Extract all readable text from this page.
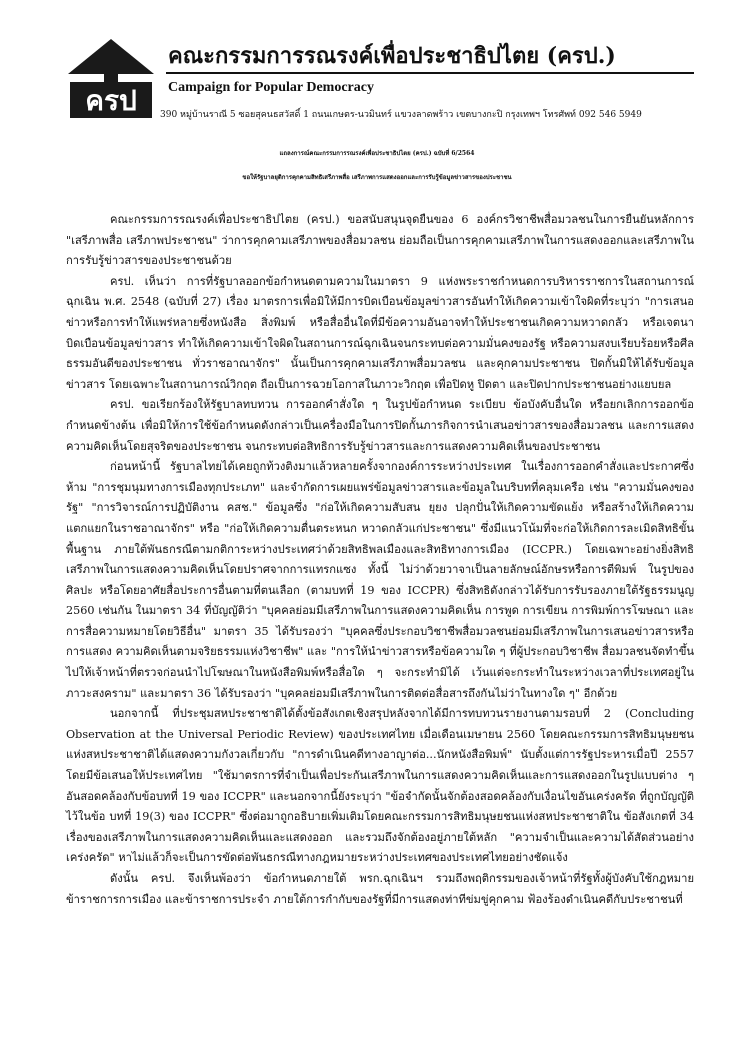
ครป
คณะกรรมการรณรงค์เพื่อประชาธิปไตย (ครป.)
Campaign for Popular Democracy
390 หมู่บ้านราณี 5 ซอยสุคนธสวัสดิ์ 1 ถนนเกษตร-นวมินทร์ แขวงลาดพร้าว เขตบางกะปิ กรุงเทพฯ โทรศัพท์ 092 546 5949
แถลงการณ์คณะกรรมการรณรงค์เพื่อประชาธิปไตย (ครป.) ฉบับที่ 6/2564
ขอให้รัฐบาลยุติการคุกคามสิทธิเสรีภาพสื่อ เสรีภาพการแสดงออกและการรับรู้ข้อมูลข่าวสารของประชาชน

คณะกรรมการรณรงค์เพื่อประชาธิปไตย (ครป.) ขอสนับสนุนจุดยืนของ 6 องค์กรวิชาชีพสื่อมวลชนในการยืนยันหลักการ "เสรีภาพสื่อ เสรีภาพประชาชน" ว่าการคุกคามเสรีภาพของสื่อมวลชน ย่อมถือเป็นการคุกคามเสรีภาพในการแสดงออกและเสรีภาพในการรับรู้ข่าวสารของประชาชนด้วย

ครป. เห็นว่า การที่รัฐบาลออกข้อกำหนดตามความในมาตรา 9 แห่งพระราชกำหนดการบริหารราชการในสถานการณ์ฉุกเฉิน พ.ศ. 2548 (ฉบับที่ 27) เรื่อง มาตรการเพื่อมิให้มีการบิดเบือนข้อมูลข่าวสารอันทำให้เกิดความเข้าใจผิดที่ระบุว่า "การเสนอข่าวหรือการทำให้แพร่หลายซึ่งหนังสือ สิ่งพิมพ์ หรือสื่ออื่นใดที่มีข้อความอันอาจทำให้ประชาชนเกิดความหวาดกลัว หรือเจตนาบิดเบือนข้อมูลข่าวสาร ทำให้เกิดความเข้าใจผิดในสถานการณ์ฉุกเฉินจนกระทบต่อความมั่นคงของรัฐ หรือความสงบเรียบร้อยหรือศีลธรรมอันดีของประชาชน ทั่วราชอาณาจักร" นั้นเป็นการคุกคามเสรีภาพสื่อมวลชน และคุกคามประชาชน ปิดกั้นมิให้ได้รับข้อมูลข่าวสาร โดยเฉพาะในสถานการณ์วิกฤต ถือเป็นการฉวยโอกาสในภาวะวิกฤต เพื่อปิดหู ปิดตา และปิดปากประชาชนอย่างแยบยล

ครป. ขอเรียกร้องให้รัฐบาลทบทวน การออกคำสั่งใด ๆ ในรูปข้อกำหนด ระเบียบ ข้อบังคับอื่นใด หรือยกเลิกการออกข้อกำหนดข้างต้น เพื่อมิให้การใช้ข้อกำหนดดังกล่าวเป็นเครื่องมือในการปิดกั้นภารกิจการนำเสนอข่าวสารของสื่อมวลชน และการแสดงความคิดเห็นโดยสุจริตของประชาชน จนกระทบต่อสิทธิการรับรู้ข่าวสารและการแสดงความคิดเห็นของประชาชน

ก่อนหน้านี้ รัฐบาลไทยได้เคยถูกท้วงติงมาแล้วหลายครั้งจากองค์การระหว่างประเทศ ในเรื่องการออกคำสั่งและประกาศซึ่งห้าม "การชุมนุมทางการเมืองทุกประเภท" และจำกัดการเผยแพร่ข้อมูลข่าวสารและข้อมูลในบริบทที่คลุมเครือ เช่น "ความมั่นคงของรัฐ" "การวิจารณ์การปฏิบัติงาน คสช." ข้อมูลซึ่ง "ก่อให้เกิดความสับสน ยุยง ปลุกปั่นให้เกิดความขัดแย้ง หรือสร้างให้เกิดความ แตกแยกในราชอาณาจักร" หรือ "ก่อให้เกิดความตื่นตระหนก หวาดกลัวแก่ประชาชน" ซึ่งมีแนวโน้มที่จะก่อให้เกิดการละเมิดสิทธิขั้นพื้นฐาน ภายใต้พันธกรณีตามกติการะหว่างประเทศว่าด้วยสิทธิพลเมืองและสิทธิทางการเมือง (ICCPR.) โดยเฉพาะอย่างยิ่งสิทธิเสรีภาพในการแสดงความคิดเห็นโดยปราศจากการแทรกแซง ทั้งนี้ ไม่ว่าด้วยวาจาเป็นลายลักษณ์อักษรหรือการตีพิมพ์ ในรูปของศิลปะ หรือโดยอาศัยสื่อประการอื่นตามที่ตนเลือก (ตามบทที่ 19 ของ ICCPR) ซึ่งสิทธิดังกล่าวได้รับการรับรองภายใต้รัฐธรรมนูญ 2560 เช่นกัน ในมาตรา 34 ที่บัญญัติว่า "บุคคลย่อมมีเสรีภาพในการแสดงความคิดเห็น การพูด การเขียน การพิมพ์การโฆษณา และการสื่อความหมายโดยวิธีอื่น" มาตรา 35 ได้รับรองว่า "บุคคลซึ่งประกอบวิชาชีพสื่อมวลชนย่อมมีเสรีภาพในการเสนอข่าวสารหรือการแสดง ความคิดเห็นตามจริยธรรมแห่งวิชาชีพ" และ "การให้นำข่าวสารหรือข้อความใด ๆ ที่ผู้ประกอบวิชาชีพ สื่อมวลชนจัดทำขึ้นไปให้เจ้าหน้าที่ตรวจก่อนนำไปโฆษณาในหนังสือพิมพ์หรือสื่อใด ๆ จะกระทำมิได้ เว้นแต่จะกระทำในระหว่างเวลาที่ประเทศอยู่ในภาวะสงคราม" และมาตรา 36 ได้รับรองว่า "บุคคลย่อมมีเสรีภาพในการติดต่อสื่อสารถึงกันไม่ว่าในทางใด ๆ" อีกด้วย

นอกจากนี้ ที่ประชุมสหประชาชาติได้ตั้งข้อสังเกตเชิงสรุปหลังจากได้มีการทบทวนรายงานตามรอบที่ 2 (Concluding Observation at the Universal Periodic Review) ของประเทศไทย เมื่อเดือนเมษายน 2560 โดยคณะกรรมการสิทธิมนุษยชนแห่งสหประชาชาติได้แสดงความกังวลเกี่ยวกับ "การดำเนินคดีทางอาญาต่อ...นักหนังสือพิมพ์" นับตั้งแต่การรัฐประหารเมื่อปี 2557 โดยมีข้อเสนอให้ประเทศไทย "ใช้มาตรการที่จำเป็นเพื่อประกันเสรีภาพในการแสดงความคิดเห็นและการแสดงออกในรูปแบบต่าง ๆ อันสอดคล้องกับข้อบทที่ 19 ของ ICCPR" และนอกจากนี้ยังระบุว่า "ข้อจำกัดนั้นจักต้องสอดคล้องกับเงื่อนไขอันเคร่งครัด ที่ถูกบัญญัติไว้ในข้อ บทที่ 19(3) ของ ICCPR" ซึ่งต่อมาถูกอธิบายเพิ่มเติมโดยคณะกรรมการสิทธิมนุษยชนแห่งสหประชาชาติใน ข้อสังเกตที่ 34 เรื่องของเสรีภาพในการแสดงความคิดเห็นและแสดงออก และรวมถึงจักต้องอยู่ภายใต้หลัก "ความจำเป็นและความได้สัดส่วนอย่างเคร่งครัด" หาไม่แล้วก็จะเป็นการขัดต่อพันธกรณีทางกฎหมายระหว่างประเทศของประเทศไทยอย่างชัดแจ้ง

ดังนั้น ครป. จึงเห็นพ้องว่า ข้อกำหนดภายใต้ พรก.ฉุกเฉินฯ รวมถึงพฤติกรรมของเจ้าหน้าที่รัฐทั้งผู้บังคับใช้กฎหมาย ข้าราชการการเมือง และข้าราชการประจำ ภายใต้การกำกับของรัฐที่มีการแสดงท่าทีข่มขู่คุกคาม ฟ้องร้องดำเนินคดีกับประชาชนที่
